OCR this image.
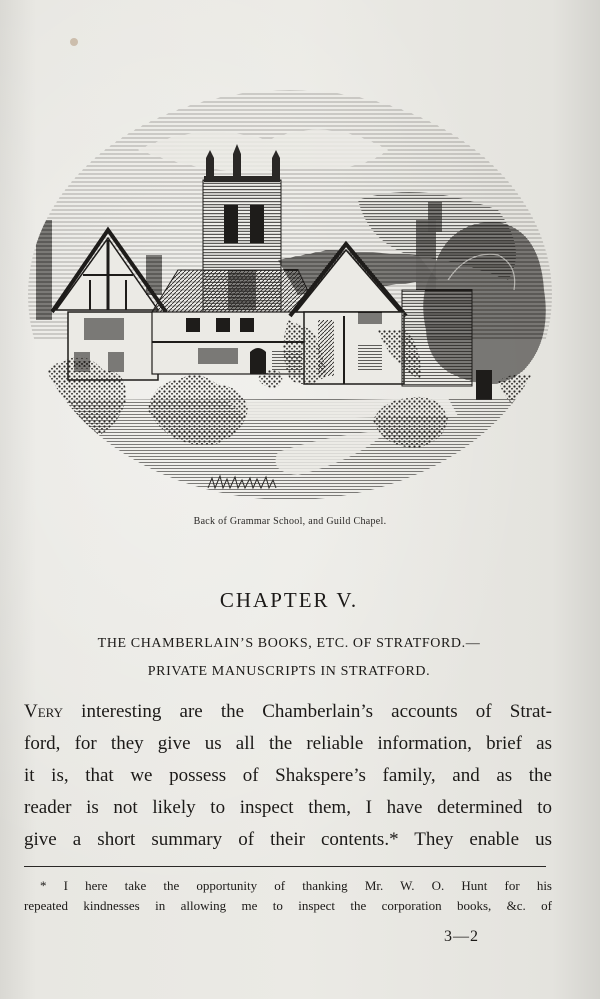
Back of Grammar School, and Guild Chapel.
CHAPTER V.
THE CHAMBERLAIN’S BOOKS, ETC. OF STRATFORD.—
PRIVATE MANUSCRIPTS IN STRATFORD.
Very interesting are the Chamberlain’s accounts of Strat-
ford, for they give us all the reliable information, brief as
it is, that we possess of Shakspere’s family, and as the
reader is not likely to inspect them, I have determined to
give a short summary of their contents.* They enable us
* I here take the opportunity of thanking Mr. W. O. Hunt for his
repeated kindnesses in allowing me to inspect the corporation books, &c. of
3—2
